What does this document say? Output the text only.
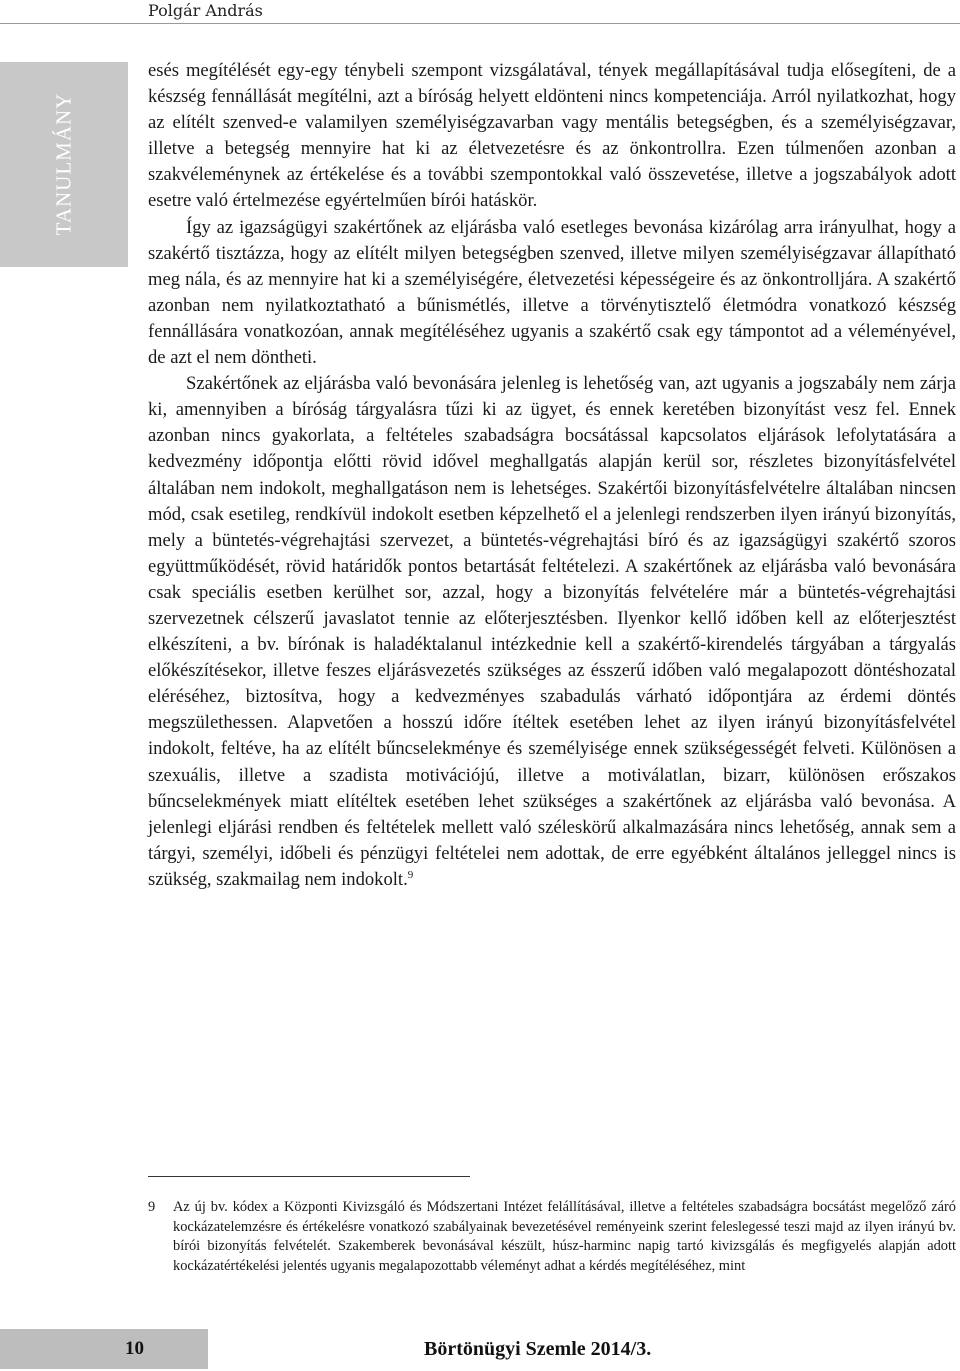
Polgár András
TANULMÁNY

esés megítélését egy-egy ténybeli szempont vizsgálatával, tények megállapításával tudja elősegíteni, de a készség fennállását megítélni, azt a bíróság helyett eldönteni nincs kompetenciája. Arról nyilatkozhat, hogy az elítélt szenved-e valamilyen személyiségzavarban vagy mentális betegségben, és a személyiségzavar, illetve a betegség mennyire hat ki az életvezetésre és az önkontrollra. Ezen túlmenően azonban a szakvéleménynek az értékelése és a további szempontokkal való összevetése, illetve a jogszabályok adott esetre való értelmezése egyértelműen bírói hatáskör.

Így az igazságügyi szakértőnek az eljárásba való esetleges bevonása kizárólag arra irányulhat, hogy a szakértő tisztázza, hogy az elítélt milyen betegségben szenved, illetve milyen személyiségzavar állapítható meg nála, és az mennyire hat ki a személyiségére, életvezetési képességeire és az önkontrolljára. A szakértő azonban nem nyilatkoztatható a bűnismétlés, illetve a törvénytisztelő életmódra vonatkozó készség fennállására vonatkozóan, annak megítéléséhez ugyanis a szakértő csak egy támpontot ad a véleményével, de azt el nem döntheti.

Szakértőnek az eljárásba való bevonására jelenleg is lehetőség van, azt ugyanis a jogszabály nem zárja ki, amennyiben a bíróság tárgyalásra tűzi ki az ügyet, és ennek keretében bizonyítást vesz fel. Ennek azonban nincs gyakorlata, a feltételes szabadságra bocsátással kapcsolatos eljárások lefolytatására a kedvezmény időpontja előtti rövid idővel meghallgatás alapján kerül sor, részletes bizonyításfelvétel általában nem indokolt, meghallgatáson nem is lehetséges. Szakértői bizonyításfelvételre általában nincsen mód, csak esetileg, rendkívül indokolt esetben képzelhető el a jelenlegi rendszerben ilyen irányú bizonyítás, mely a büntetés-végrehajtási szervezet, a büntetés-végrehajtási bíró és az igazságügyi szakértő szoros együttműködését, rövid határidők pontos betartását feltételezi. A szakértőnek az eljárásba való bevonására csak speciális esetben kerülhet sor, azzal, hogy a bizonyítás felvételére már a büntetés-végrehajtási szervezetnek célszerű javaslatot tennie az előterjesztésben. Ilyenkor kellő időben kell az előterjesztést elkészíteni, a bv. bírónak is haladéktalanul intézkednie kell a szakértő-kirendelés tárgyában a tárgyalás előkészítésekor, illetve feszes eljárásvezetés szükséges az ésszerű időben való megalapozott döntéshozatal eléréséhez, biztosítva, hogy a kedvezményes szabadulás várható időpontjára az érdemi döntés megszülethessen. Alapvetően a hosszú időre ítéltek esetében lehet az ilyen irányú bizonyításfelvétel indokolt, feltéve, ha az elítélt bűncselekménye és személyisége ennek szükségességét felveti. Különösen a szexuális, illetve a szadista motivációjú, illetve a motiválatlan, bizarr, különösen erőszakos bűncselekmények miatt elítéltek esetében lehet szükséges a szakértőnek az eljárásba való bevonása. A jelenlegi eljárási rendben és feltételek mellett való széleskörű alkalmazására nincs lehetőség, annak sem a tárgyi, személyi, időbeli és pénzügyi feltételei nem adottak, de erre egyébként általános jelleggel nincs is szükség, szakmailag nem indokolt.$^9$

9	Az új bv. kódex a Központi Kivizsgáló és Módszertani Intézet felállításával, illetve a feltételes szabadságra bocsátást megelőző záró kockázatelemzésre és értékelésre vonatkozó szabályainak bevezetésével reményeink szerint feleslegessé teszi majd az ilyen irányú bv. bírói bizonyítás felvételét. Szakemberek bevonásával készült, húsz-harminc napig tartó kivizsgálás és megfigyelés alapján adott kockázatértékelési jelentés ugyanis megalapozottabb véleményt adhat a kérdés megítéléséhez, mint
10	Börtönügyi Szemle 2014/3.
